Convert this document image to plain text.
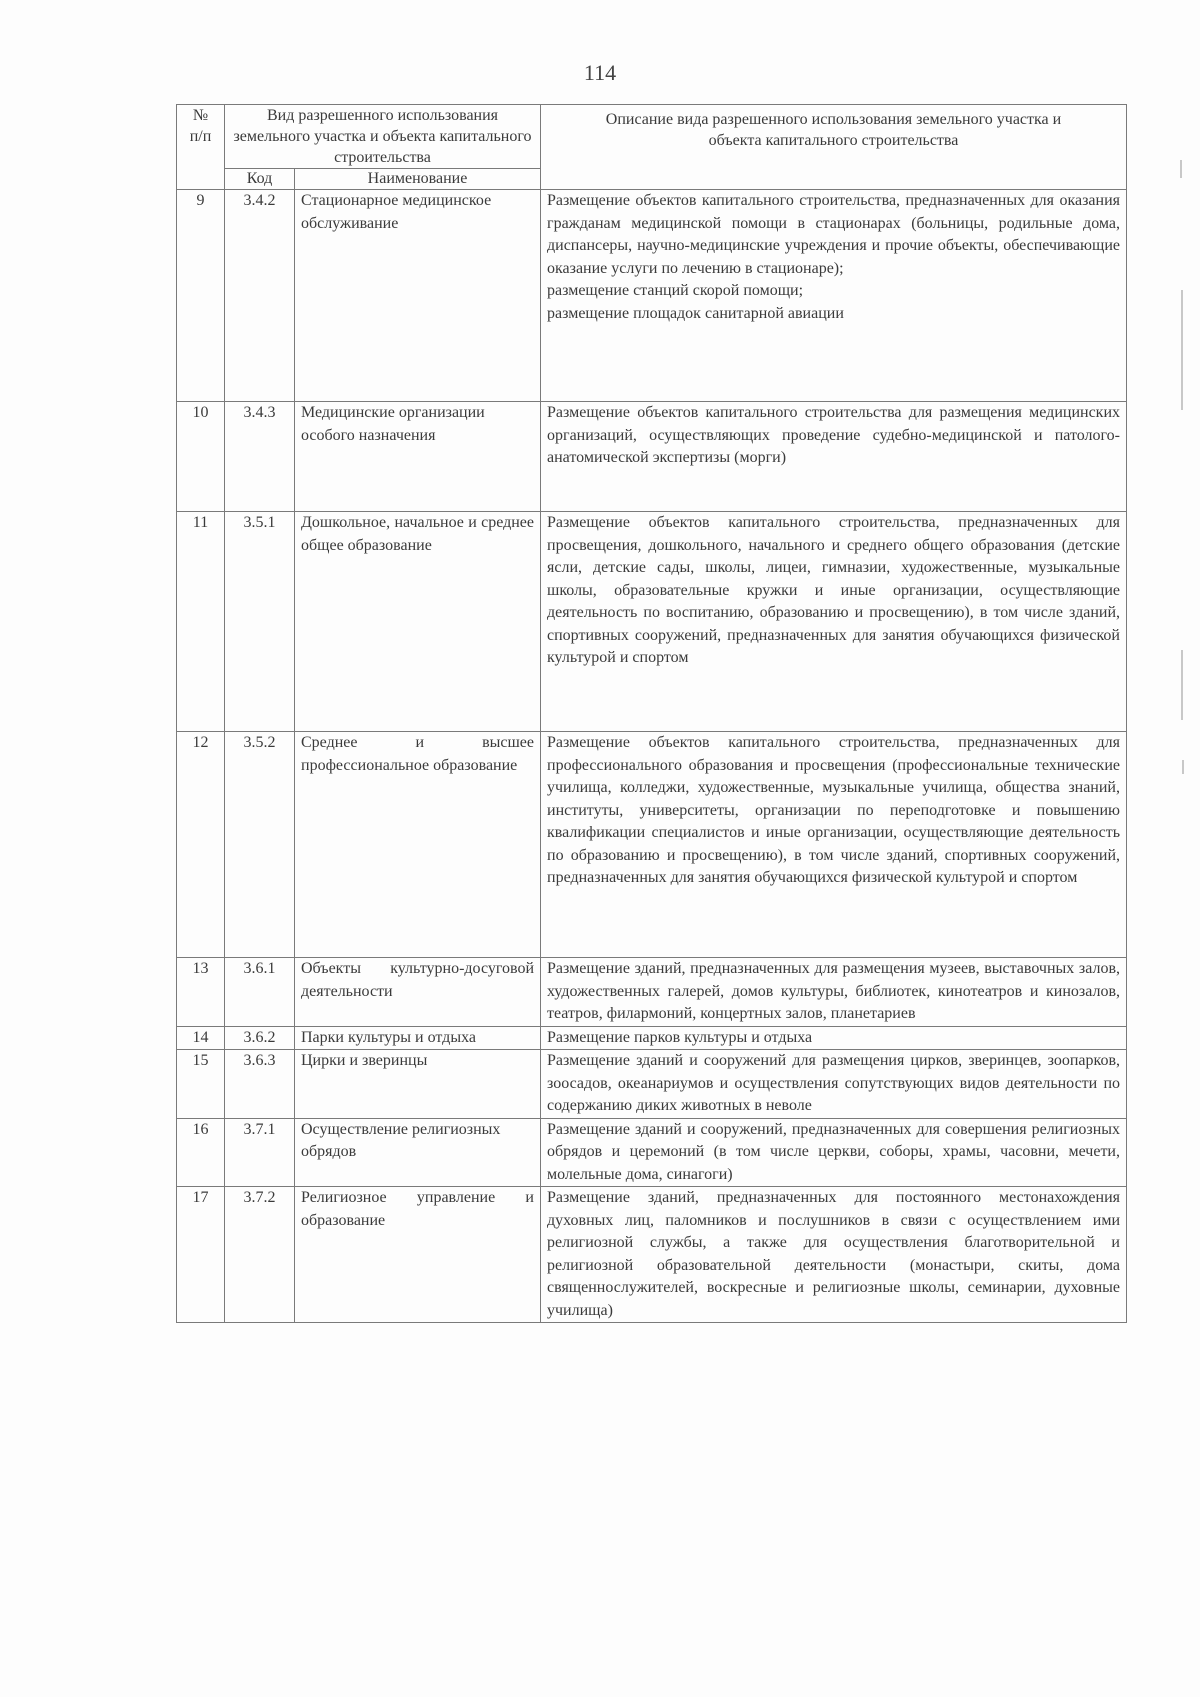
114
№
п/п	Вид разрешенного использования земельного участка и объекта капитального строительства		Описание вида разрешенного использования земельного участка и объекта капитального строительства
	Код	Наименование	
9	3.4.2	Стационарное медицинское обслуживание	Размещение объектов капитального строительства, предназначенных для оказания гражданам медицинской помощи в стационарах (больницы, родильные дома, диспансеры, научно-медицинские учреждения и прочие объекты, обеспечивающие оказание услуги по лечению в стационаре);
размещение станций скорой помощи;
размещение площадок санитарной авиации

10	3.4.3	Медицинские организации особого назначения	Размещение объектов капитального строительства для размещения медицинских организаций, осуществляющих проведение судебно-медицинской и патолого-анатомической экспертизы (морги)

11	3.5.1	Дошкольное, начальное и среднее общее образование	Размещение объектов капитального строительства, предназначенных для просвещения, дошкольного, начального и среднего общего образования (детские ясли, детские сады, школы, лицеи, гимназии, художественные, музыкальные школы, образовательные кружки и иные организации, осуществляющие деятельность по воспитанию, образованию и просвещению), в том числе зданий, спортивных сооружений, предназначенных для занятия обучающихся физической культурой и спортом

12	3.5.2	Среднее и высшее профессиональное образование	Размещение объектов капитального строительства, предназначенных для профессионального образования и просвещения (профессиональные технические училища, колледжи, художественные, музыкальные училища, общества знаний, институты, университеты, организации по переподготовке и повышению квалификации специалистов и иные организации, осуществляющие деятельность по образованию и просвещению), в том числе зданий, спортивных сооружений, предназначенных для занятия обучающихся физической культурой и спортом

13	3.6.1	Объекты культурно-досуговой деятельности	Размещение зданий, предназначенных для размещения музеев, выставочных залов, художественных галерей, домов культуры, библиотек, кинотеатров и кинозалов, театров, филармоний, концертных залов, планетариев

14	3.6.2	Парки культуры и отдыха	Размещение парков культуры и отдыха

15	3.6.3	Цирки и зверинцы	Размещение зданий и сооружений для размещения цирков, зверинцев, зоопарков, зоосадов, океанариумов и осуществления сопутствующих видов деятельности по содержанию диких животных в неволе

16	3.7.1	Осуществление религиозных обрядов	Размещение зданий и сооружений, предназначенных для совершения религиозных обрядов и церемоний (в том числе церкви, соборы, храмы, часовни, мечети, молельные дома, синагоги)

17	3.7.2	Религиозное управление и образование	Размещение зданий, предназначенных для постоянного местонахождения духовных лиц, паломников и послушников в связи с осуществлением ими религиозной службы, а также для осуществления благотворительной и религиозной образовательной деятельности (монастыри, скиты, дома священнослужителей, воскресные и религиозные школы, семинарии, духовные училища)
